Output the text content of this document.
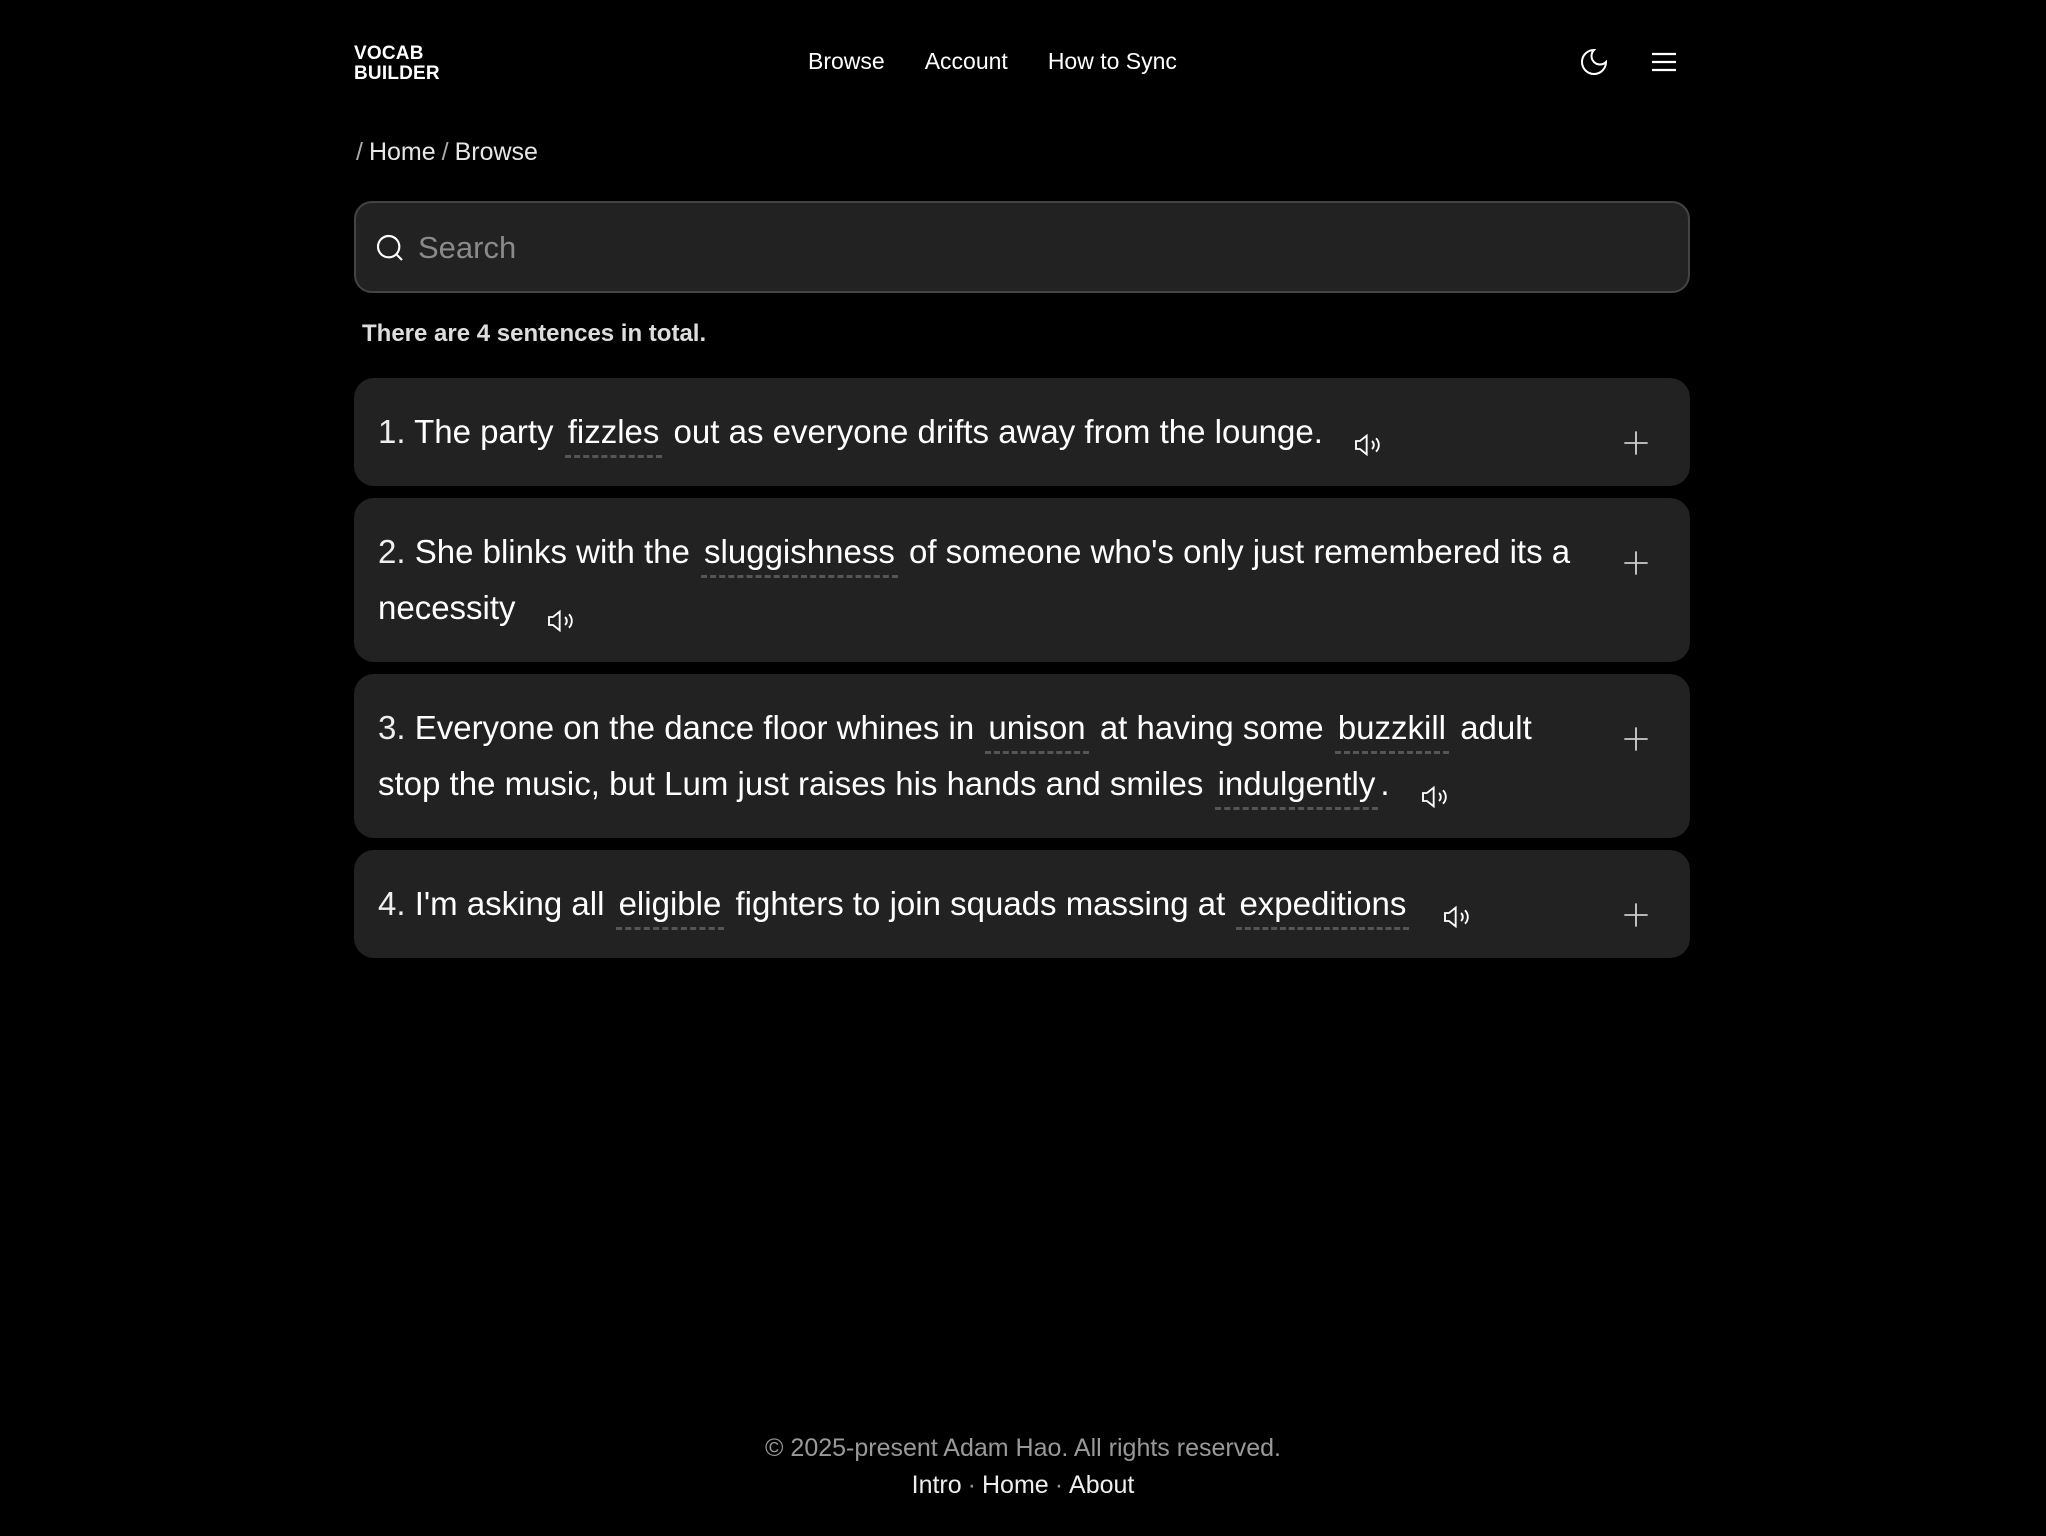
VOCAB
BUILDER	Browse Account How to Sync
/ Home / Browse
Search
There are 4 sentences in total.
1. The party fizzles out as everyone drifts away from the lounge.
2. She blinks with the sluggishness of someone who's only just remembered its a necessity
3. Everyone on the dance floor whines in unison at having some buzzkill adult stop the music, but Lum just raises his hands and smiles indulgently .
4. I'm asking all eligible fighters to join squads massing at expeditions
© 2025-present Adam Hao. All rights reserved.
Intro · Home · About
